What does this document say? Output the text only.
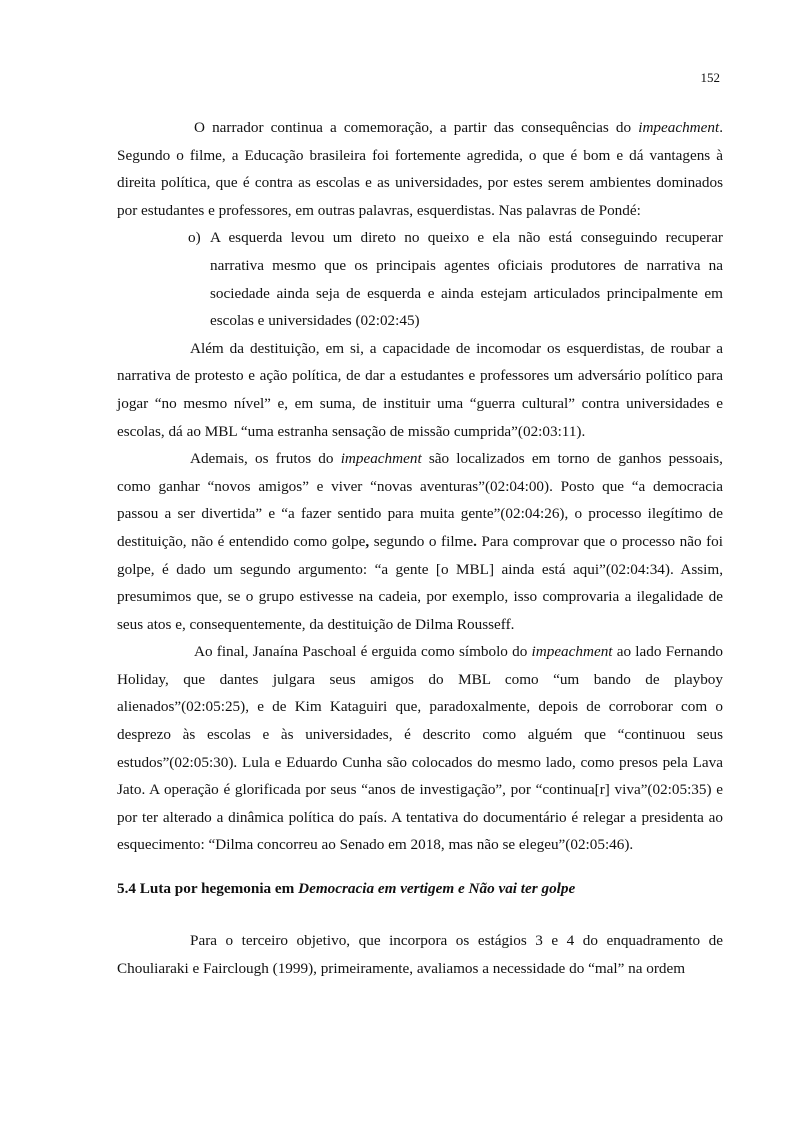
152

O narrador continua a comemoração, a partir das consequências do impeachment. Segundo o filme, a Educação brasileira foi fortemente agredida, o que é bom e dá vantagens à direita política, que é contra as escolas e as universidades, por estes serem ambientes dominados por estudantes e professores, em outras palavras, esquerdistas. Nas palavras de Pondé:

o) A esquerda levou um direto no queixo e ela não está conseguindo recuperar narrativa mesmo que os principais agentes oficiais produtores de narrativa na sociedade ainda seja de esquerda e ainda estejam articulados principalmente em escolas e universidades (02:02:45)

Além da destituição, em si, a capacidade de incomodar os esquerdistas, de roubar a narrativa de protesto e ação política, de dar a estudantes e professores um adversário político para jogar “no mesmo nível” e, em suma, de instituir uma “guerra cultural” contra universidades e escolas, dá ao MBL “uma estranha sensação de missão cumprida”(02:03:11).

Ademais, os frutos do impeachment são localizados em torno de ganhos pessoais, como ganhar “novos amigos” e viver “novas aventuras”(02:04:00). Posto que “a democracia passou a ser divertida” e “a fazer sentido para muita gente”(02:04:26), o processo ilegítimo de destituição, não é entendido como golpe, segundo o filme. Para comprovar que o processo não foi golpe, é dado um segundo argumento: “a gente [o MBL] ainda está aqui”(02:04:34). Assim, presumimos que, se o grupo estivesse na cadeia, por exemplo, isso comprovaria a ilegalidade de seus atos e, consequentemente, da destituição de Dilma Rousseff.

Ao final, Janaína Paschoal é erguida como símbolo do impeachment ao lado Fernando Holiday, que dantes julgara seus amigos do MBL como “um bando de playboy alienados”(02:05:25), e de Kim Kataguiri que, paradoxalmente, depois de corroborar com o desprezo às escolas e às universidades, é descrito como alguém que “continuou seus estudos”(02:05:30). Lula e Eduardo Cunha são colocados do mesmo lado, como presos pela Lava Jato. A operação é glorificada por seus “anos de investigação”, por “continua[r] viva”(02:05:35) e por ter alterado a dinâmica política do país. A tentativa do documentário é relegar a presidenta ao esquecimento: “Dilma concorreu ao Senado em 2018, mas não se elegeu”(02:05:46).

5.4 Luta por hegemonia em Democracia em vertigem e Não vai ter golpe

Para o terceiro objetivo, que incorpora os estágios 3 e 4 do enquadramento de Chouliaraki e Fairclough (1999), primeiramente, avaliamos a necessidade do “mal” na ordem
